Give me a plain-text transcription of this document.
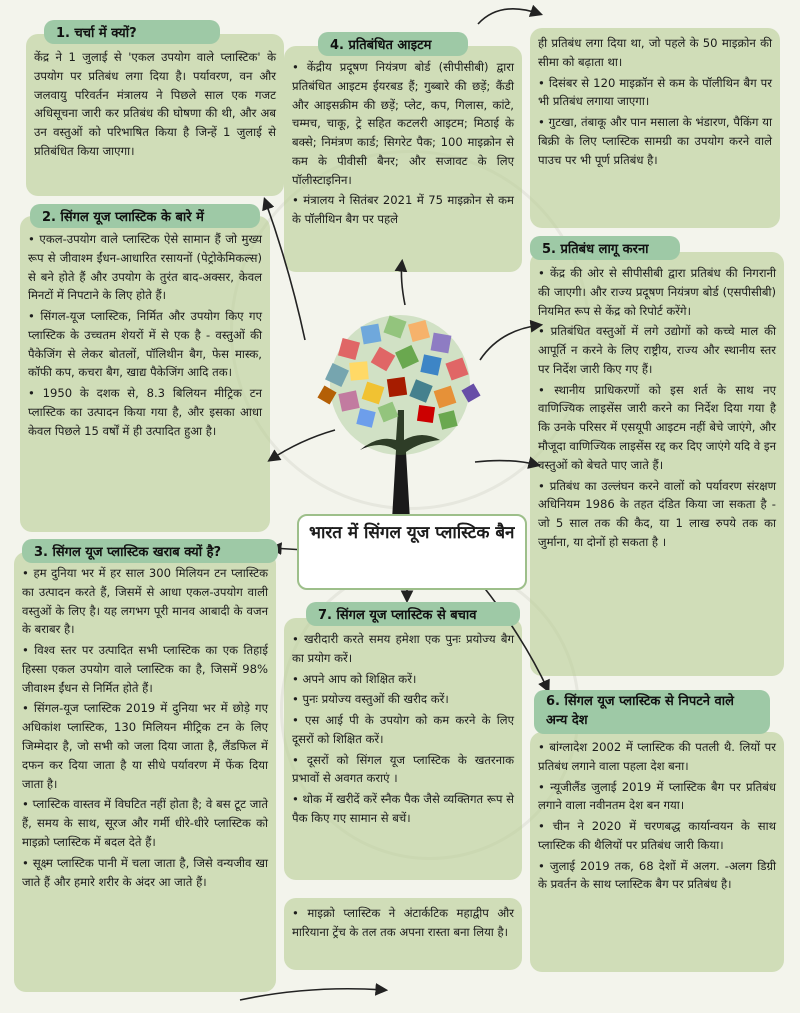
1. चर्चा में क्यों?

केंद्र ने 1 जुलाई से 'एकल उपयोग वाले प्लास्टिक' के उपयोग पर प्रतिबंध लगा दिया है। पर्यावरण, वन और जलवायु परिवर्तन मंत्रालय ने पिछले साल एक गजट अधिसूचना जारी कर प्रतिबंध की घोषणा की थी, और अब उन वस्तुओं को परिभाषित किया है जिन्हें 1 जुलाई से प्रतिबंधित किया जाएगा।

2. सिंगल यूज प्लास्टिक के बारे में

• एकल-उपयोग वाले प्लास्टिक ऐसे सामान हैं जो मुख्य रूप से जीवाश्म ईंधन-आधारित रसायनों (पेट्रोकेमिकल्स) से बने होते हैं और उपयोग के तुरंत बाद-अक्सर, केवल मिनटों में निपटाने के लिए होते हैं।

• सिंगल-यूज प्लास्टिक, निर्मित और उपयोग किए गए प्लास्टिक के उच्चतम शेयरों में से एक है - वस्तुओं की पैकेजिंग से लेकर बोतलों, पॉलिथीन बैग, फेस मास्क, कॉफी कप, कचरा बैग, खाद्य पैकेजिंग आदि तक।

• 1950 के दशक से, 8.3 बिलियन मीट्रिक टन प्लास्टिक का उत्पादन किया गया है, और इसका आधा केवल पिछले 15 वर्षों में ही उत्पादित हुआ है।

3. सिंगल यूज प्लास्टिक खराब क्यों है?

• हम दुनिया भर में हर साल 300 मिलियन टन प्लास्टिक का उत्पादन करते हैं, जिसमें से आधा एकल-उपयोग वाली वस्तुओं के लिए है। यह लगभग पूरी मानव आबादी के वजन के बराबर है।

• विश्व स्तर पर उत्पादित सभी प्लास्टिक का एक तिहाई हिस्सा एकल उपयोग वाले प्लास्टिक का है, जिसमें 98% जीवाश्म ईंधन से निर्मित होते हैं।

• सिंगल-यूज प्लास्टिक 2019 में दुनिया भर में छोड़े गए अधिकांश प्लास्टिक, 130 मिलियन मीट्रिक टन के लिए जिम्मेदार है, जो सभी को जला दिया जाता है, लैंडफिल में दफन कर दिया जाता है या सीधे पर्यावरण में फेंक दिया जाता है।

• प्लास्टिक वास्तव में विघटित नहीं होता है; वे बस टूट जाते हैं, समय के साथ, सूरज और गर्मी धीरे-धीरे प्लास्टिक को माइक्रो प्लास्टिक में बदल देते हैं।

• सूक्ष्म प्लास्टिक पानी में चला जाता है, जिसे वन्यजीव खा जाते हैं और हमारे शरीर के अंदर आ जाते हैं।

4. प्रतिबंधित आइटम

• केंद्रीय प्रदूषण नियंत्रण बोर्ड (सीपीसीबी) द्वारा प्रतिबंधित आइटम ईयरबड हैं; गुब्बारे की छड़ें; कैंडी और आइसक्रीम की छड़ें; प्लेट, कप, गिलास, कांटे, चम्मच, चाकू, ट्रे सहित कटलरी आइटम; मिठाई के बक्से; निमंत्रण कार्ड; सिगरेट पैक; 100 माइक्रोन से कम के पीवीसी बैनर; और सजावट के लिए पॉलीस्टाइनिन।

• मंत्रालय ने सितंबर 2021 में 75 माइक्रोन से कम के पॉलीथिन बैग पर पहले

ही प्रतिबंध लगा दिया था, जो पहले के 50 माइक्रोन की सीमा को बढ़ाता था।

• दिसंबर से 120 माइक्रॉन से कम के पॉलीथिन बैग पर भी प्रतिबंध लगाया जाएगा।

• गुटखा, तंबाकू और पान मसाला के भंडारण, पैकिंग या बिक्री के लिए प्लास्टिक सामग्री का उपयोग करने वाले पाउच पर भी पूर्ण प्रतिबंध है।

5. प्रतिबंध लागू करना

• केंद्र की ओर से सीपीसीबी द्वारा प्रतिबंध की निगरानी की जाएगी। और राज्य प्रदूषण नियंत्रण बोर्ड (एसपीसीबी) नियमित रूप से केंद्र को रिपोर्ट करेंगे।

• प्रतिबंधित वस्तुओं में लगे उद्योगों को कच्चे माल की आपूर्ति न करने के लिए राष्ट्रीय, राज्य और स्थानीय स्तर पर निर्देश जारी किए गए हैं।

• स्थानीय प्राधिकरणों को इस शर्त के साथ नए वाणिज्यिक लाइसेंस जारी करने का निर्देश दिया गया है कि उनके परिसर में एसयूपी आइटम नहीं बेचे जाएंगे, और मौजूदा वाणिज्यिक लाइसेंस रद्द कर दिए जाएंगे यदि वे इन वस्तुओं को बेचते पाए जाते हैं।

• प्रतिबंध का उल्लंघन करने वालों को पर्यावरण संरक्षण अधिनियम 1986 के तहत दंडित किया जा सकता है - जो 5 साल तक की कैद, या 1 लाख रुपये तक का जुर्माना, या दोनों हो सकता है ।

6. सिंगल यूज प्लास्टिक से निपटने वाले अन्य देश

• बांग्लादेश 2002 में प्लास्टिक की पतली थै. लियों पर प्रतिबंध लगाने वाला पहला देश बना।

• न्यूजीलैंड जुलाई 2019 में प्लास्टिक बैग पर प्रतिबंध लगाने वाला नवीनतम देश बन गया।

• चीन ने 2020 में चरणबद्ध कार्यान्वयन के साथ प्लास्टिक की थैलियों पर प्रतिबंध जारी किया।

• जुलाई 2019 तक, 68 देशों में अलग. -अलग डिग्री के प्रवर्तन के साथ प्लास्टिक बैग पर प्रतिबंध है।

भारत में सिंगल यूज प्लास्टिक बैन
7. सिंगल यूज प्लास्टिक से बचाव

• खरीदारी करते समय हमेशा एक पुनः प्रयोज्य बैग का प्रयोग करें।

• अपने आप को शिक्षित करें।

• पुनः प्रयोज्य वस्तुओं की खरीद करें।

• एस आई पी के उपयोग को कम करने के लिए दूसरों को शिक्षित करें।

• दूसरों को सिंगल यूज प्लास्टिक के खतरनाक प्रभावों से अवगत कराएं ।

• थोक में खरीदें करें स्नैक पैक जैसे व्यक्तिगत रूप से पैक किए गए सामान से बचें।

• माइक्रो प्लास्टिक ने अंटार्कटिक महाद्वीप और मारियाना ट्रेंच के तल तक अपना रास्ता बना लिया है।
